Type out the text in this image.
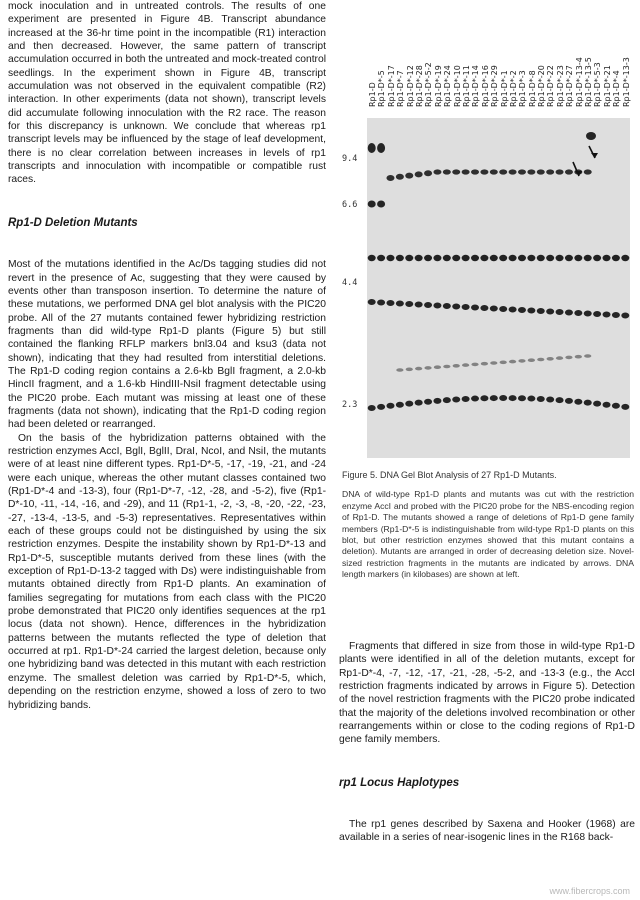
mock inoculation and in untreated controls. The results of one experiment are presented in Figure 4B. Transcript abundance increased at the 36-hr time point in the incompatible (R1) interaction and then decreased. However, the same pattern of transcript accumulation occurred in both the untreated and mock-treated control seedlings. In the experiment shown in Figure 4B, transcript accumulation was not observed in the equivalent compatible (R2) interaction. In other experiments (data not shown), transcript levels did accumulate following innoculation with the R2 race. The reason for this discrepancy is unknown. We conclude that whereas rp1 transcript levels may be influenced by the stage of leaf development, there is no clear correlation between increases in levels of rp1 transcripts and innoculation with incompatible or compatible rust races.

Rp1-D Deletion Mutants

Most of the mutations identified in the Ac/Ds tagging studies did not revert in the presence of Ac, suggesting that they were caused by events other than transposon insertion. To determine the nature of these mutations, we performed DNA gel blot analysis with the PIC20 probe. All of the 27 mutants contained fewer hybridizing restriction fragments than did wild-type Rp1-D plants (Figure 5) but still contained the flanking RFLP markers bnl3.04 and ksu3 (data not shown), indicating that they had resulted from interstitial deletions. The Rp1-D coding region contains a 2.6-kb BglI fragment, a 2.0-kb HincII fragment, and a 1.6-kb HindIII-NsiI fragment detectable using the PIC20 probe. Each mutant was missing at least one of these fragments (data not shown), indicating that the Rp1-D coding region had been deleted or rearranged.

On the basis of the hybridization patterns obtained with the restriction enzymes AccI, BglI, BglII, DraI, NcoI, and NsiI, the mutants were of at least nine different types. Rp1-D*-5, -17, -19, -21, and -24 were each unique, whereas the other mutant classes contained two (Rp1-D*-4 and -13-3), four (Rp1-D*-7, -12, -28, and -5-2), five (Rp1-D*-10, -11, -14, -16, and -29), and 11 (Rp1-1, -2, -3, -8, -20, -22, -23, -27, -13-4, -13-5, and -5-3) representatives. Representatives within each of these groups could not be distinguished by using the six restriction enzymes. Despite the instability shown by Rp1-D*-13 and Rp1-D*-5, susceptible mutants derived from these lines (with the exception of Rp1-D-13-2 tagged with Ds) were indistinguishable from mutants obtained directly from Rp1-D plants. An examination of families segregating for mutations from each class with the PIC20 probe demonstrated that PIC20 only identifies sequences at the rp1 locus (data not shown). Hence, differences in the hybridization patterns between the mutants reflected the type of deletion that occurred at rp1. Rp1-D*-24 carried the largest deletion, because only one hybridizing band was detected in this mutant with each restriction enzyme. The smallest deletion was carried by Rp1-D*-5, which, depending on the restriction enzyme, showed a loss of zero to two hybridizing bands.

Rp1-D Rp1-D*-5 Rp1-D*-17 Rp1-D*-7 Rp1-D*-12 Rp1-D*-28 Rp1-D*-5-2 Rp1-D*-19 Rp1-D*-24 Rp1-D*-10 Rp1-D*-11 Rp1-D*-14 Rp1-D*-16 Rp1-D*-29 Rp1-D*-1 Rp1-D*-2 Rp1-D*-3 Rp1-D*-8 Rp1-D*-20 Rp1-D*-22 Rp1-D*-23 Rp1-D*-27 Rp1-D*-13-4 Rp1-D*-13-5 Rp1-D*-5-3 Rp1-D*-21 Rp1-D*-4 Rp1-D*-13-3
9.4
6.6
4.4
2.3

Figure 5. DNA Gel Blot Analysis of 27 Rp1-D Mutants.

DNA of wild-type Rp1-D plants and mutants was cut with the restriction enzyme AccI and probed with the PIC20 probe for the NBS-encoding region of Rp1-D. The mutants showed a range of deletions of Rp1-D gene family members (Rp1-D*-5 is indistinguishable from wild-type Rp1-D plants on this blot, but other restriction enzymes showed that this mutant contains a deletion). Mutants are arranged in order of decreasing deletion size. Novel-sized restriction fragments in the mutants are indicated by arrows. DNA length markers (in kilobases) are shown at left.

Fragments that differed in size from those in wild-type Rp1-D plants were identified in all of the deletion mutants, except for Rp1-D*-4, -7, -12, -17, -21, -28, -5-2, and -13-3 (e.g., the AccI restriction fragments indicated by arrows in Figure 5). Detection of the novel restriction fragments with the PIC20 probe indicated that the majority of the deletions involved recombination or other rearrangements within or close to the coding regions of Rp1-D gene family members.

rp1 Locus Haplotypes

The rp1 genes described by Saxena and Hooker (1968) are available in a series of near-isogenic lines in the R168 back-

www.fibercrops.com
